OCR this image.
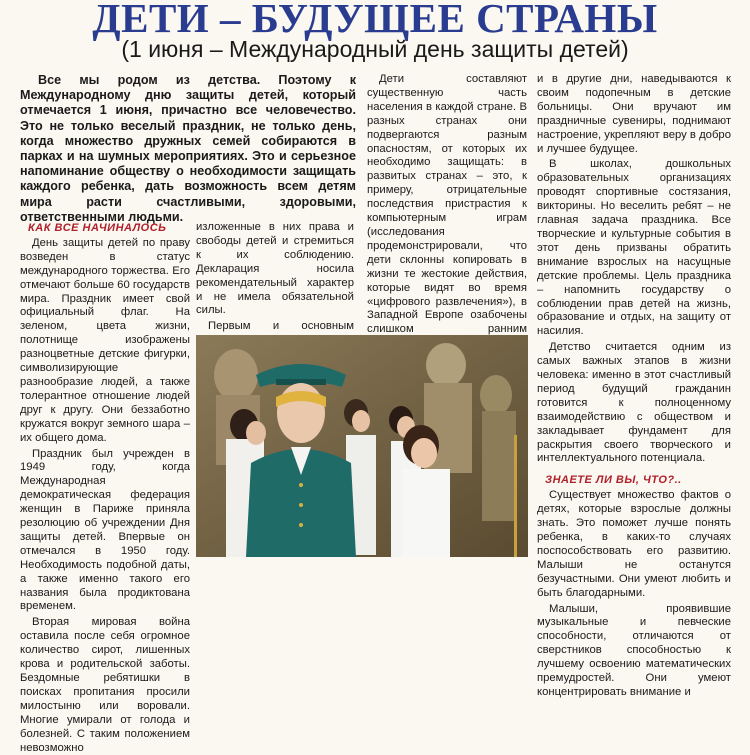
ДЕТИ – БУДУЩЕЕ СТРАНЫ
(1 июня – Международный день защиты детей)

Все мы родом из детства. Поэтому к Международному дню защиты детей, который отмечается 1 июня, причастно все человечество. Это не только веселый праздник, не только день, когда множество дружных семей собираются в парках и на шумных мероприятиях. Это и серьезное напоминание обществу о необходимости защищать каждого ребенка, дать возможность всем детям мира расти счастливыми, здоровыми, ответственными людьми.

КАК ВСЕ НАЧИНАЛОСЬ

День защиты детей по праву возведен в статус международного торжества. Его отмечают больше 60 государств мира. Праздник имеет свой официальный флаг. На зеленом, цвета жизни, полотнище изображены разноцветные детские фигурки, символизирующие разнообразие людей, а также толерантное отношение людей друг к другу. Они беззаботно кружатся вокруг земного шара – их общего дома.

Праздник был учрежден в 1949 году, когда Международная демократическая федерация женщин в Париже приняла резолюцию об учреждении Дня защиты детей. Впервые он отмечался в 1950 году. Необходимость подобной даты, а также именно такого его названия была продиктована временем.

Вторая мировая война оставила после себя огромное количество сирот, лишенных крова и родительской заботы. Бездомные ребятишки в поисках пропитания просили милостыню или воровали. Многие умирали от голода и болезней. С таким положением невозможно

изложенные в них права и свободы детей и стремиться к их соблюдению. Декларация носила рекомендательный характер и не имела обязательной силы.

Первым и основным

Дети составляют существенную часть населения в каждой стране. В разных странах они подвергаются разным опасностям, от которых их необходимо защищать: в развитых странах – это, к примеру, отрицательные последствия пристрастия к компьютерным играм (исследования продемонстрировали, что дети склонны копировать в жизни те жестокие действия, которые видят во время «цифрового развлечения»), в Западной Европе озабочены слишком ранним

и в другие дни, наведываются к своим подопечным в детские больницы. Они вручают им праздничные сувениры, поднимают настроение, укрепляют веру в добро и лучшее будущее.

В школах, дошкольных образовательных организациях проводят спортивные состязания, викторины. Но веселить ребят – не главная задача праздника. Все творческие и культурные события в этот день призваны обратить внимание взрослых на насущные детские проблемы. Цель праздника – напомнить государству о соблюдении прав детей на жизнь, образование и отдых, на защиту от насилия.

Детство считается одним из самых важных этапов в жизни человека: именно в этот счастливый период будущий гражданин готовится к полноценному взаимодействию с обществом и закладывает фундамент для раскрытия своего творческого и интеллектуального потенциала.

ЗНАЕТЕ ЛИ ВЫ, ЧТО?..

Существует множество фактов о детях, которые взрослые должны знать. Это поможет лучше понять ребенка, в каких-то случаях поспособствовать его развитию. Малыши не останутся безучастными. Они умеют любить и быть благодарными.

Малыши, проявившие музыкальные и певческие способности, отличаются от сверстников способностью к лучшему освоению математических премудростей. Они умеют концентрировать внимание и
